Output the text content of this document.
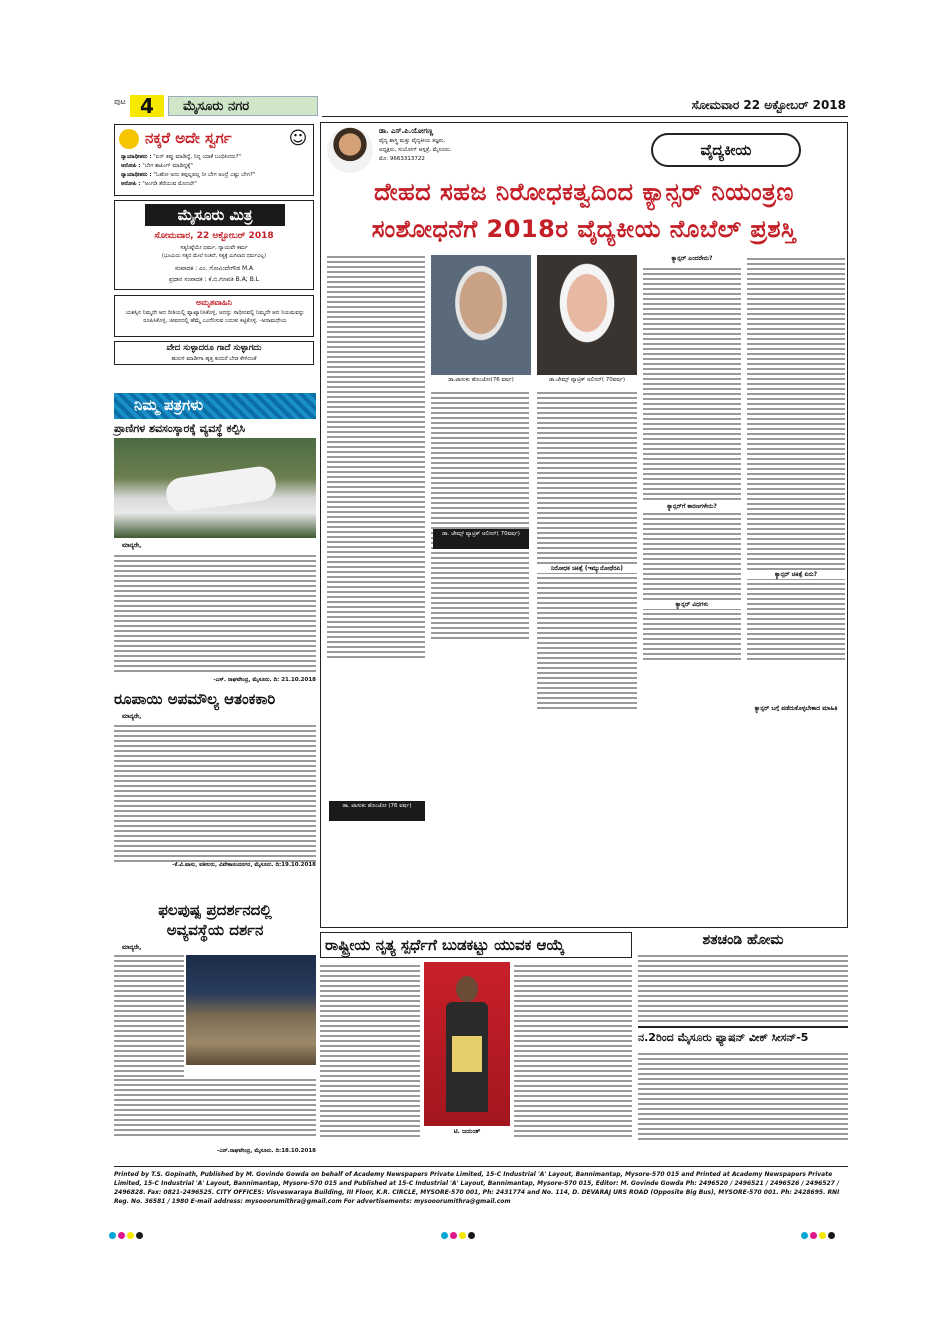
ಪುಟ 4	ಮೈಸೂರು ನಗರ	ಸೋಮವಾರ 22 ಅಕ್ಟೋಬರ್ 2018
ನಕ್ಕರೆ ಅದೇ ಸ್ವರ್ಗ	☺
ನ್ಯಾಯಾಧೀಶರು : "ಏನ್ ತಪ್ಪು ಮಾಡಿದ್ದೆ, ನಿನ್ನ ಯಾಕೆ ಬಂಧಿಸಿದರು?"
ಆರೋಪಿ : "ಬೇಗ ಶಾಪಿಂಗ್ ಮಾಡಿದ್ದಕ್ಕೆ"
ನ್ಯಾಯಾಧೀಶರು : "ಓಹೋ ಅದು ತಪ್ಪಲ್ಲವಲ್ಲ ನೀ ಬೇಗ ಅಂದ್ರೆ ಎಷ್ಟು ಬೇಗ?"
ಆರೋಪಿ : "ಅಂಗಡಿ ತೆರೆಯುವ ಮೊದಲೇ"
ಮೈಸೂರು ಮಿತ್ರ
ಸೋಮವಾರ, 22 ಅಕ್ಟೋಬರ್ 2018
ಸತ್ಯನಿಷ್ಠೆಯೇ ಧರ್ಮ, ನ್ಯಾಯವೇ ಕರ್ಮ
(ಭೂಮಿಯ ಸತ್ಯದ ಮೇಲೆ ನಿಂತಿದೆ, ಸತ್ಯಕ್ಕೆ ಮಿಗಿಲಾದ ಧರ್ಮವಿಲ್ಲ)
ಸಂಪಾದಕ : ಎಂ. ಗೋವಿಂದೇಗೌಡ M.A
ಪ್ರಧಾನ ಸಂಪಾದಕ : ಕೆ.ಬಿ.ಗಣಪತಿ B.A; B.L
ಅಮೃತವಾಹಿನಿ
ಯಶಸ್ಸಿನ ನಿಮ್ಮದೇ ಆದ ರೀತಿಯಲ್ಲಿ ವ್ಯಾಖ್ಯಾನಿಸಿಕೊಳ್ಳಿ, ಅದನ್ನು ಸಾಧಿಸುವಲ್ಲಿ ನಿಮ್ಮದೇ ಆದ ನಿಯಮವನ್ನು ರೂಪಿಸಿಕೊಳ್ಳಿ, ಜೀವನದಲ್ಲಿ ಹೆಮ್ಮೆ ಎಂದೆನಿಸುವ ಬದುಕು ಕಟ್ಟಿಕೊಳ್ಳಿ. -ಅನಾಮಧೇಯ
ವೇದ ಸುಳ್ಳಾದರೂ ಗಾದೆ ಸುಳ್ಳಾಗದು
ಹುರುಳಿ ಮಾಡೀಗಾ ಹೃತ್ತ ಕುದುರೆ ಬೇಡ ಕೇಳಿದಂತೆ
ನಿಮ್ಮ ಪತ್ರಗಳು
ಪ್ರಾಣಿಗಳ ಶವಸಂಸ್ಕಾರಕ್ಕೆ ವ್ಯವಸ್ಥೆ ಕಲ್ಪಿಸಿ
ಮಾನ್ಯರೇ,
-ಎಸ್. ರಾಘವೇಂದ್ರ, ಮೈಸೂರು. ದಿ: 21.10.2018
ರೂಪಾಯಿ ಅಪಮೌಲ್ಯ ಆತಂಕಕಾರಿ
ಮಾನ್ಯರೇ,
-ಕೆ.ವಿ.ವಾಸು, ವಕೀಲರು, ವಿವೇಕಾನಂದನಗರ, ಮೈಸೂರು. ದಿ:19.10.2018
ಫಲಪುಷ್ಪ ಪ್ರದರ್ಶನದಲ್ಲಿ
ಅವ್ಯವಸ್ಥೆಯ ದರ್ಶನ
ಮಾನ್ಯರೇ,
-ಎನ್.ರಾಘವೇಂದ್ರ, ಮೈಸೂರು. ದಿ:18.10.2018
ಡಾ. ಎಸ್.ಪಿ.ಯೋಗಣ್ಣ
ವೈದ್ಯ ಶಾಸ್ತ್ರ ಮತ್ತು ವೈದ್ಯಕೀಯ ತಜ್ಞರು,
ಅಧ್ಯಕ್ಷರು, ಸುಯೋಗ್ ಆಸ್ಪತ್ರೆ, ಮೈಸೂರು.
ಮೊ: 9663313722	ವೈದ್ಯಕೀಯ
ದೇಹದ ಸಹಜ ನಿರೋಧಕತ್ವದಿಂದ ಕ್ಯಾನ್ಸರ್ ನಿಯಂತ್ರಣ
ಸಂಶೋಧನೆಗೆ 2018ರ ವೈದ್ಯಕೀಯ ನೊಬೆಲ್ ಪ್ರಶಸ್ತಿ
ಡಾ.ಟಾಸುಕು ಹೊಂಜೋ(76 ವರ್ಷ)	ಡಾ.ಜೇಮ್ಸ್ ಪ್ಯಾಟ್ರಿಕ್ ಅಲಿಸನ್( 70ವರ್ಷ)
ಡಾ. ಜೇಮ್ಸ್ ಪ್ಯಾಟ್ರಿಕ್ ಅಲಿಸನ್( 70ವರ್ಷ)
ಡಾ. ಟಾಸುಕು ಹೊಂಜೋ (76 ವರ್ಷ)
ನಿರೋಧಕ ಚಿಕಿತ್ಸೆ (ಇಮ್ಯುನೋಥೆರಪಿ)
ಕ್ಯಾನ್ಸರ್ ಎಂದರೇನು?
ಕ್ಯಾನ್ಸರ್‌ಗೆ ಕಾರಣಗಳೇನು?
ಕ್ಯಾನ್ಸರ್ ವಿಧಗಳು
ಕ್ಯಾನ್ಸರ್ ಚಿಕಿತ್ಸೆ ಏನು?
ಕ್ಯಾನ್ಸರ್ ಬಗ್ಗೆ ಪಡೆದುಕೊಳ್ಳಬೇಕಾದ ಮಾಹಿತಿ
ರಾಷ್ಟ್ರೀಯ ನೃತ್ಯ ಸ್ಪರ್ಧೆಗೆ ಬುಡಕಟ್ಟು ಯುವಕ ಆಯ್ಕೆ
ಟಿ. ಜಯಂತ್
ಶತಚಂಡಿ ಹೋಮ
ನ.2ರಿಂದ ಮೈಸೂರು ಫ್ಯಾಷನ್ ವೀಕ್ ಸೀಸನ್-5
Printed by T.S. Gopinath, Published by M. Govinde Gowda on behalf of Academy Newspapers Private Limited, 15-C Industrial 'A' Layout, Bannimantap, Mysore-570 015 and Printed at Academy Newspapers Private Limited, 15-C Industrial 'A' Layout, Bannimantap, Mysore-570 015 and Published at 15-C Industrial 'A' Layout, Bannimantap, Mysore-570 015, Editor: M. Govinde Gowda Ph: 2496520 / 2496521 / 2496526 / 2496527 / 2496828. Fax: 0821-2496525. CITY OFFICES: Visveswaraya Building, III Floor, K.R. CIRCLE, MYSORE-570 001, Ph: 2431774 and No. 114, D. DEVARAJ URS ROAD (Opposite Big Bus), MYSORE-570 001. Ph: 2428695. RNI Reg. No. 36581 / 1980 E-mail address: mysooorumithra@gmail.com For advertisements: mysooorumithra@gmail.com
